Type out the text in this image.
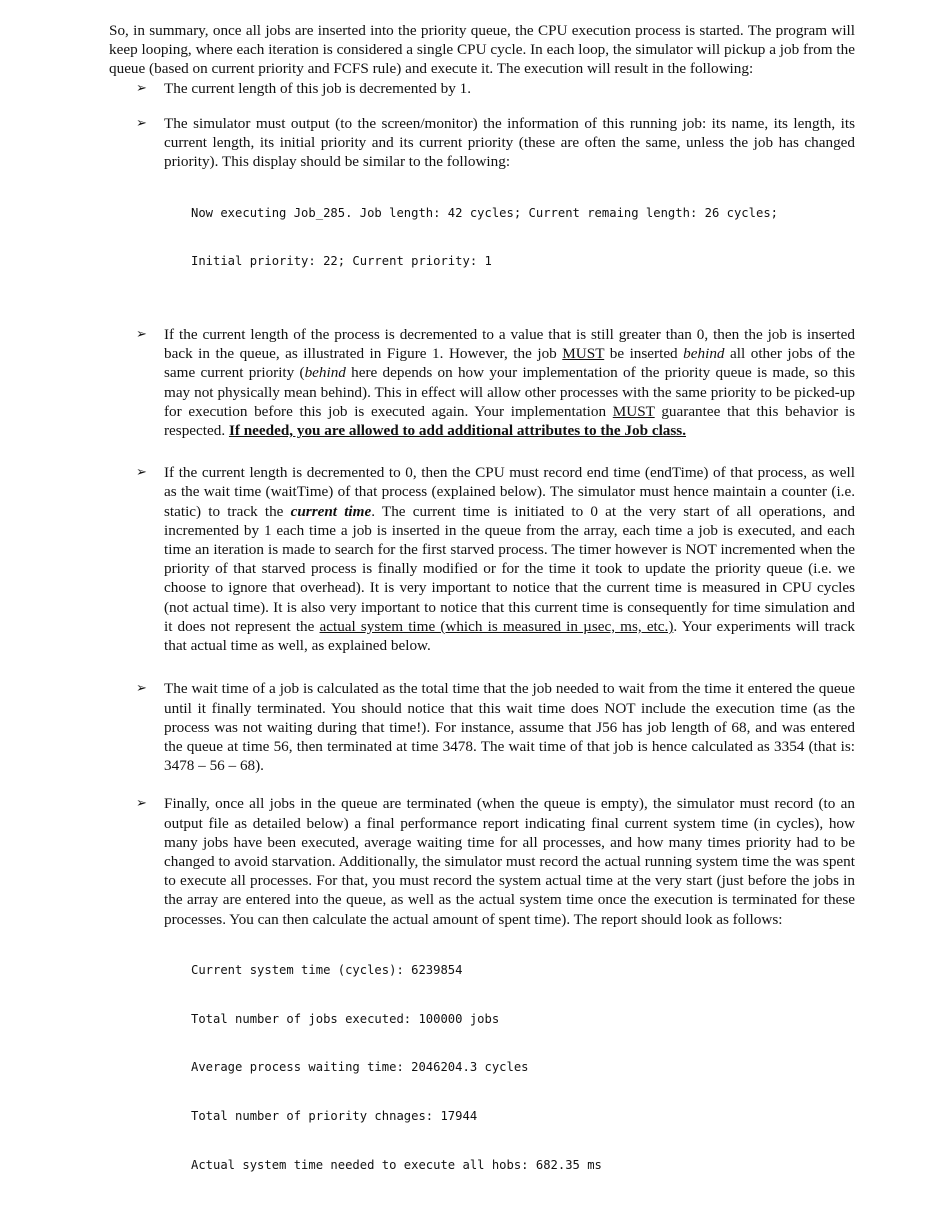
So, in summary, once all jobs are inserted into the priority queue, the CPU execution process is started. The program will keep looping, where each iteration is considered a single CPU cycle. In each loop, the simulator will pickup a job from the queue (based on current priority and FCFS rule) and execute it. The execution will result in the following:

➢ The current length of this job is decremented by 1.
➢ The simulator must output (to the screen/monitor) the information of this running job: its name, its length, its current length, its initial priority and its current priority (these are often the same, unless the job has changed priority). This display should be similar to the following:

Now executing Job_285. Job length: 42 cycles; Current remaing length: 26 cycles;

Initial priority: 22; Current priority: 1

➢ If the current length of the process is decremented to a value that is still greater than 0, then the job is inserted back in the queue, as illustrated in Figure 1. However, the job MUST be inserted behind all other jobs of the same current priority (behind here depends on how your implementation of the priority queue is made, so this may not physically mean behind). This in effect will allow other processes with the same priority to be picked-up for execution before this job is executed again. Your implementation MUST guarantee that this behavior is respected. If needed, you are allowed to add additional attributes to the Job class.
➢ If the current length is decremented to 0, then the CPU must record end time (endTime) of that process, as well as the wait time (waitTime) of that process (explained below). The simulator must hence maintain a counter (i.e. static) to track the current time. The current time is initiated to 0 at the very start of all operations, and incremented by 1 each time a job is inserted in the queue from the array, each time a job is executed, and each time an iteration is made to search for the first starved process. The timer however is NOT incremented when the priority of that starved process is finally modified or for the time it took to update the priority queue (i.e. we choose to ignore that overhead). It is very important to notice that the current time is measured in CPU cycles (not actual time). It is also very important to notice that this current time is consequently for time simulation and it does not represent the actual system time (which is measured in µsec, ms, etc.). Your experiments will track that actual time as well, as explained below.
➢ The wait time of a job is calculated as the total time that the job needed to wait from the time it entered the queue until it finally terminated. You should notice that this wait time does NOT include the execution time (as the process was not waiting during that time!). For instance, assume that J56 has job length of 68, and was entered the queue at time 56, then terminated at time 3478. The wait time of that job is hence calculated as 3354 (that is: 3478 – 56 – 68).
➢ Finally, once all jobs in the queue are terminated (when the queue is empty), the simulator must record (to an output file as detailed below) a final performance report indicating final current system time (in cycles), how many jobs have been executed, average waiting time for all processes, and how many times priority had to be changed to avoid starvation. Additionally, the simulator must record the actual running system time the was spent to execute all processes. For that, you must record the system actual time at the very start (just before the jobs in the array are entered into the queue, as well as the actual system time once the execution is terminated for these processes. You can then calculate the actual amount of spent time). The report should look as follows:

Current system time (cycles): 6239854

Total number of jobs executed: 100000 jobs

Average process waiting time: 2046204.3 cycles

Total number of priority chnages: 17944

Actual system time needed to execute all hobs: 682.35 ms
